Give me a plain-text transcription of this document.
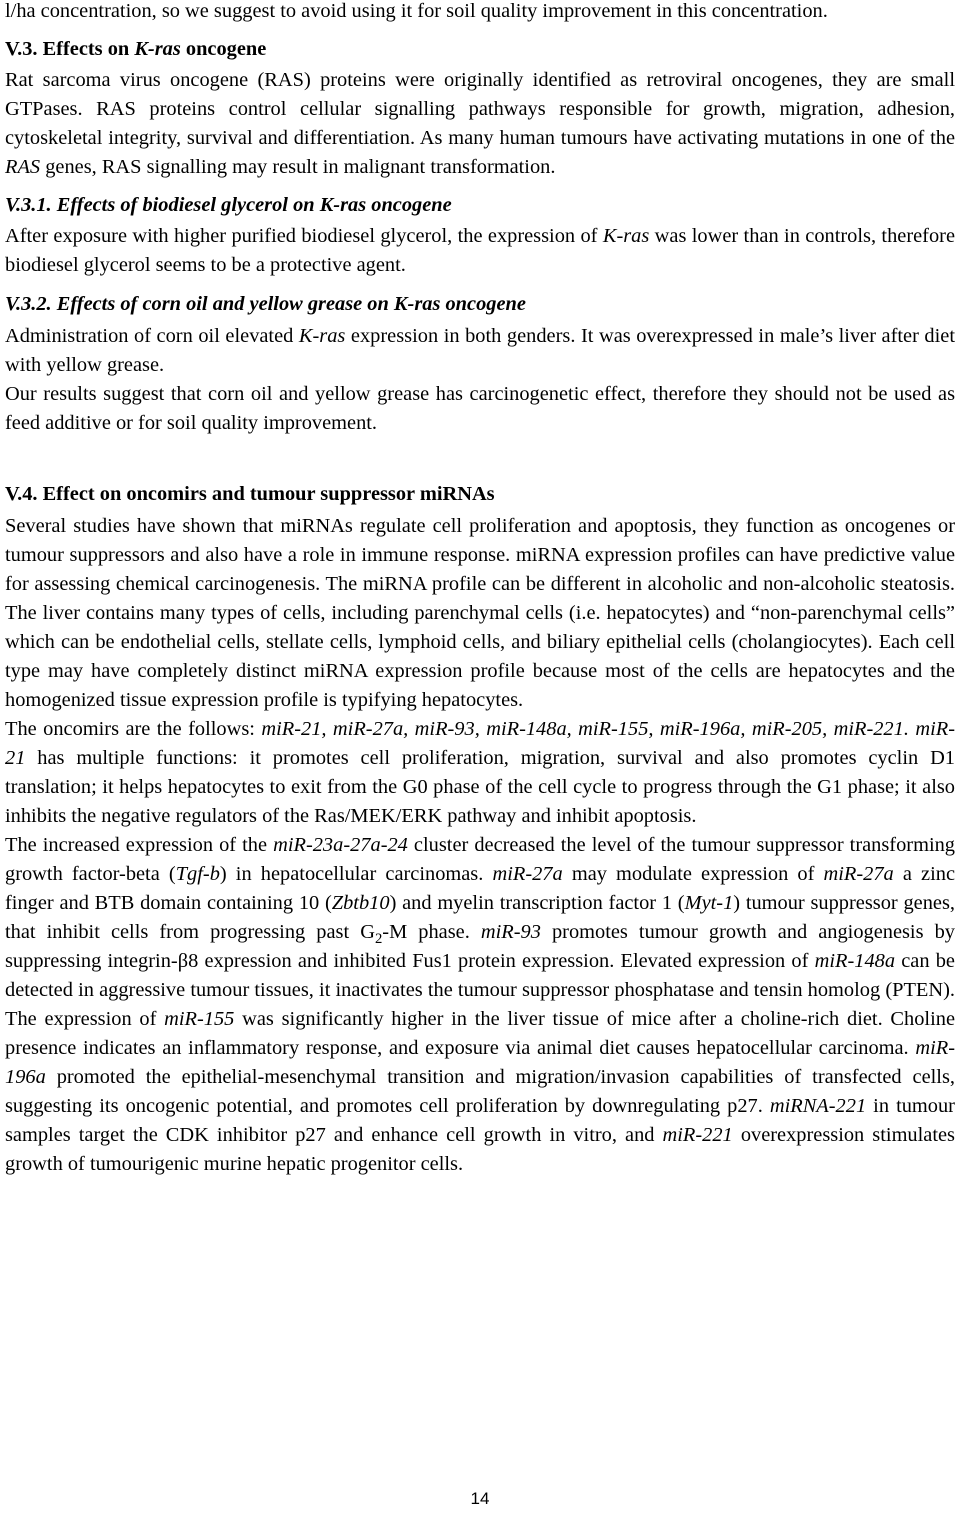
l/ha concentration, so we suggest to avoid using it for soil quality improvement in this concentration.

V.3. Effects on K-ras oncogene

Rat sarcoma virus oncogene (RAS) proteins were originally identified as retroviral oncogenes, they are small GTPases. RAS proteins control cellular signalling pathways responsible for growth, migration, adhesion, cytoskeletal integrity, survival and differentiation. As many human tumours have activating mutations in one of the RAS genes, RAS signalling may result in malignant transformation.

V.3.1. Effects of biodiesel glycerol on K-ras oncogene

After exposure with higher purified biodiesel glycerol, the expression of K-ras was lower than in controls, therefore biodiesel glycerol seems to be a protective agent.

V.3.2. Effects of corn oil and yellow grease on K-ras oncogene

Administration of corn oil elevated K-ras expression in both genders. It was overexpressed in male’s liver after diet with yellow grease.

Our results suggest that corn oil and yellow grease has carcinogenetic effect, therefore they should not be used as feed additive or for soil quality improvement.

V.4. Effect on oncomirs and tumour suppressor miRNAs

Several studies have shown that miRNAs regulate cell proliferation and apoptosis, they function as oncogenes or tumour suppressors and also have a role in immune response. miRNA expression profiles can have predictive value for assessing chemical carcinogenesis. The miRNA profile can be different in alcoholic and non-alcoholic steatosis. The liver contains many types of cells, including parenchymal cells (i.e. hepatocytes) and “non-parenchymal cells” which can be endothelial cells, stellate cells, lymphoid cells, and biliary epithelial cells (cholangiocytes). Each cell type may have completely distinct miRNA expression profile because most of the cells are hepatocytes and the homogenized tissue expression profile is typifying hepatocytes.

The oncomirs are the follows: miR-21, miR-27a, miR-93, miR-148a, miR-155, miR-196a, miR-205, miR-221. miR-21 has multiple functions: it promotes cell proliferation, migration, survival and also promotes cyclin D1 translation; it helps hepatocytes to exit from the G0 phase of the cell cycle to progress through the G1 phase; it also inhibits the negative regulators of the Ras/MEK/ERK pathway and inhibit apoptosis.

The increased expression of the miR-23a-27a-24 cluster decreased the level of the tumour suppressor transforming growth factor-beta (Tgf-b) in hepatocellular carcinomas. miR-27a may modulate expression of miR-27a a zinc finger and BTB domain containing 10 (Zbtb10) and myelin transcription factor 1 (Myt-1) tumour suppressor genes, that inhibit cells from progressing past $G_2-M$ phase. miR-93 promotes tumour growth and angiogenesis by suppressing integrin-β8 expression and inhibited Fus1 protein expression. Elevated expression of miR-148a can be detected in aggressive tumour tissues, it inactivates the tumour suppressor phosphatase and tensin homolog (PTEN). The expression of miR-155 was significantly higher in the liver tissue of mice after a choline-rich diet. Choline presence indicates an inflammatory response, and exposure via animal diet causes hepatocellular carcinoma. miR-196a promoted the epithelial-mesenchymal transition and migration/invasion capabilities of transfected cells, suggesting its oncogenic potential, and promotes cell proliferation by downregulating p27. miRNA-221 in tumour samples target the CDK inhibitor p27 and enhance cell growth in vitro, and miR-221 overexpression stimulates growth of tumourigenic murine hepatic progenitor cells.

14
